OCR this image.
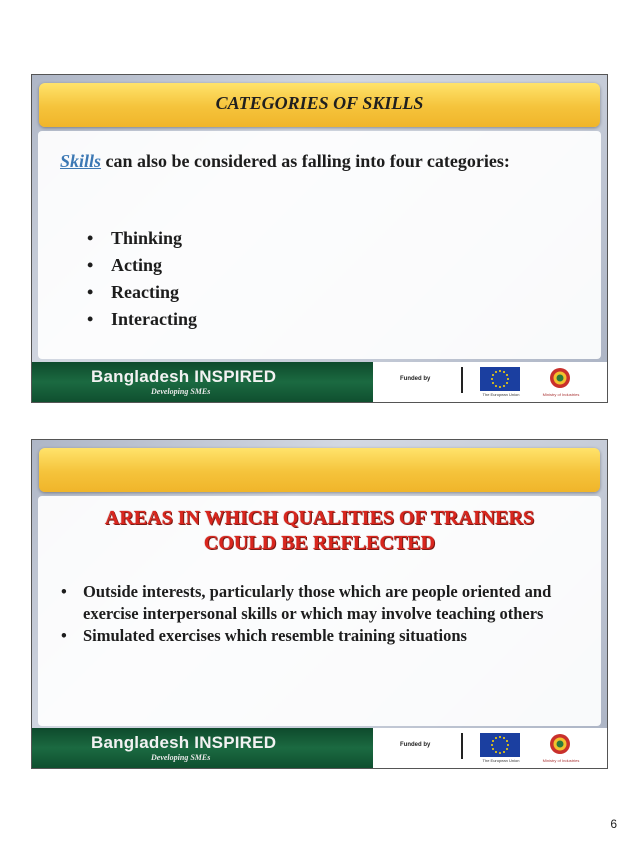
CATEGORIES OF SKILLS
Skills can also be considered as falling into four categories:
• Thinking
• Acting
• Reacting
• Interacting
Bangladesh INSPIRED
Developing SMEs
Funded by
The European Union	Ministry of Industries
AREAS IN WHICH QUALITIES OF TRAINERS
COULD BE REFLECTED
• Outside interests, particularly those which are people oriented and exercise interpersonal skills or which may involve teaching others
• Simulated exercises which resemble training situations
Bangladesh INSPIRED
Developing SMEs
Funded by
The European Union	Ministry of Industries
6
